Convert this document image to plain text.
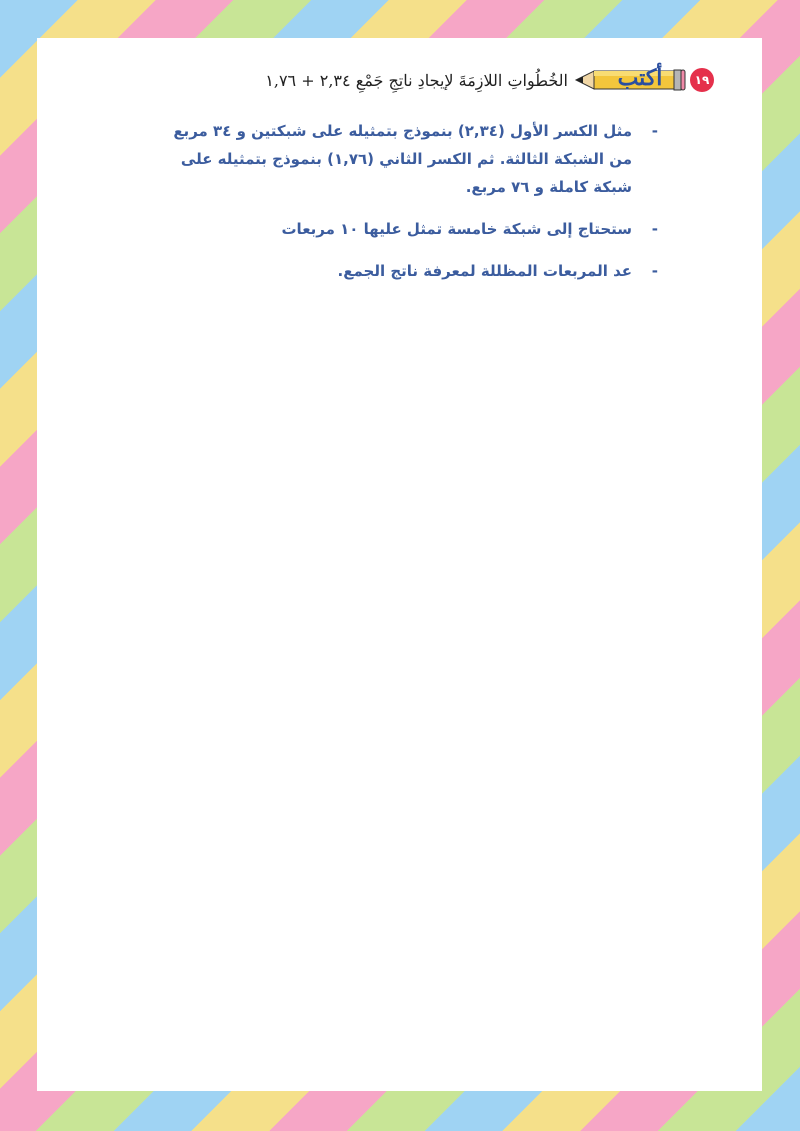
١٩
أكتب
الخُطُواتِ اللازِمَةَ لإيجادِ ناتِجِ جَمْعِ ٢,٣٤ + ١,٧٦
-
مثل الكسر الأول (٢,٣٤) بنموذج بتمثيله على شبكتين و ٣٤ مربع من الشبكة الثالثة. ثم الكسر الثاني (١,٧٦) بنموذج بتمثيله على شبكة كاملة و ٧٦ مربع.
-
ستحتاج إلى شبكة خامسة تمثل عليها ١٠ مربعات
-
عد المربعات المظللة لمعرفة ناتج الجمع.
